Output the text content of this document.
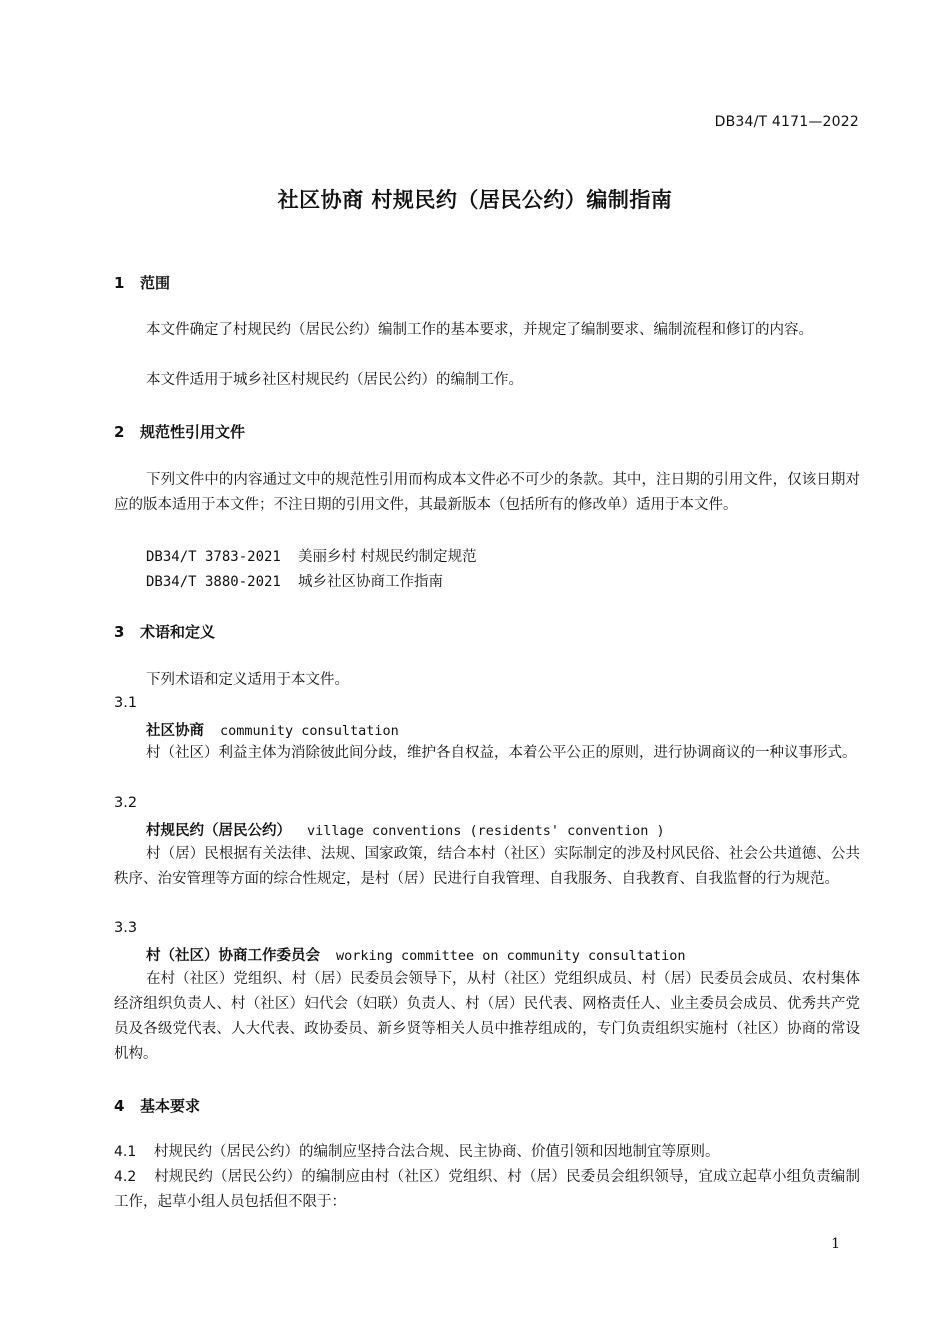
DB34/T 4171—2022
社区协商 村规民约（居民公约）编制指南
1 范围
本文件确定了村规民约（居民公约）编制工作的基本要求，并规定了编制要求、编制流程和修订的内容。
本文件适用于城乡社区村规民约（居民公约）的编制工作。
2 规范性引用文件
下列文件中的内容通过文中的规范性引用而构成本文件必不可少的条款。其中，注日期的引用文件，仅该日期对应的版本适用于本文件；不注日期的引用文件，其最新版本（包括所有的修改单）适用于本文件。
DB34/T 3783-2021 美丽乡村 村规民约制定规范
DB34/T 3880-2021 城乡社区协商工作指南
3 术语和定义
下列术语和定义适用于本文件。
3.1
社区协商 community consultation
村（社区）利益主体为消除彼此间分歧，维护各自权益，本着公平公正的原则，进行协调商议的一种议事形式。
3.2
村规民约（居民公约） village conventions (residents' convention )
村（居）民根据有关法律、法规、国家政策，结合本村（社区）实际制定的涉及村风民俗、社会公共道德、公共秩序、治安管理等方面的综合性规定，是村（居）民进行自我管理、自我服务、自我教育、自我监督的行为规范。
3.3
村（社区）协商工作委员会 working committee on community consultation
在村（社区）党组织、村（居）民委员会领导下，从村（社区）党组织成员、村（居）民委员会成员、农村集体经济组织负责人、村（社区）妇代会（妇联）负责人、村（居）民代表、网格责任人、业主委员会成员、优秀共产党员及各级党代表、人大代表、政协委员、新乡贤等相关人员中推荐组成的，专门负责组织实施村（社区）协商的常设机构。
4 基本要求
4.1 村规民约（居民公约）的编制应坚持合法合规、民主协商、价值引领和因地制宜等原则。
4.2 村规民约（居民公约）的编制应由村（社区）党组织、村（居）民委员会组织领导，宜成立起草小组负责编制工作，起草小组人员包括但不限于：
1
